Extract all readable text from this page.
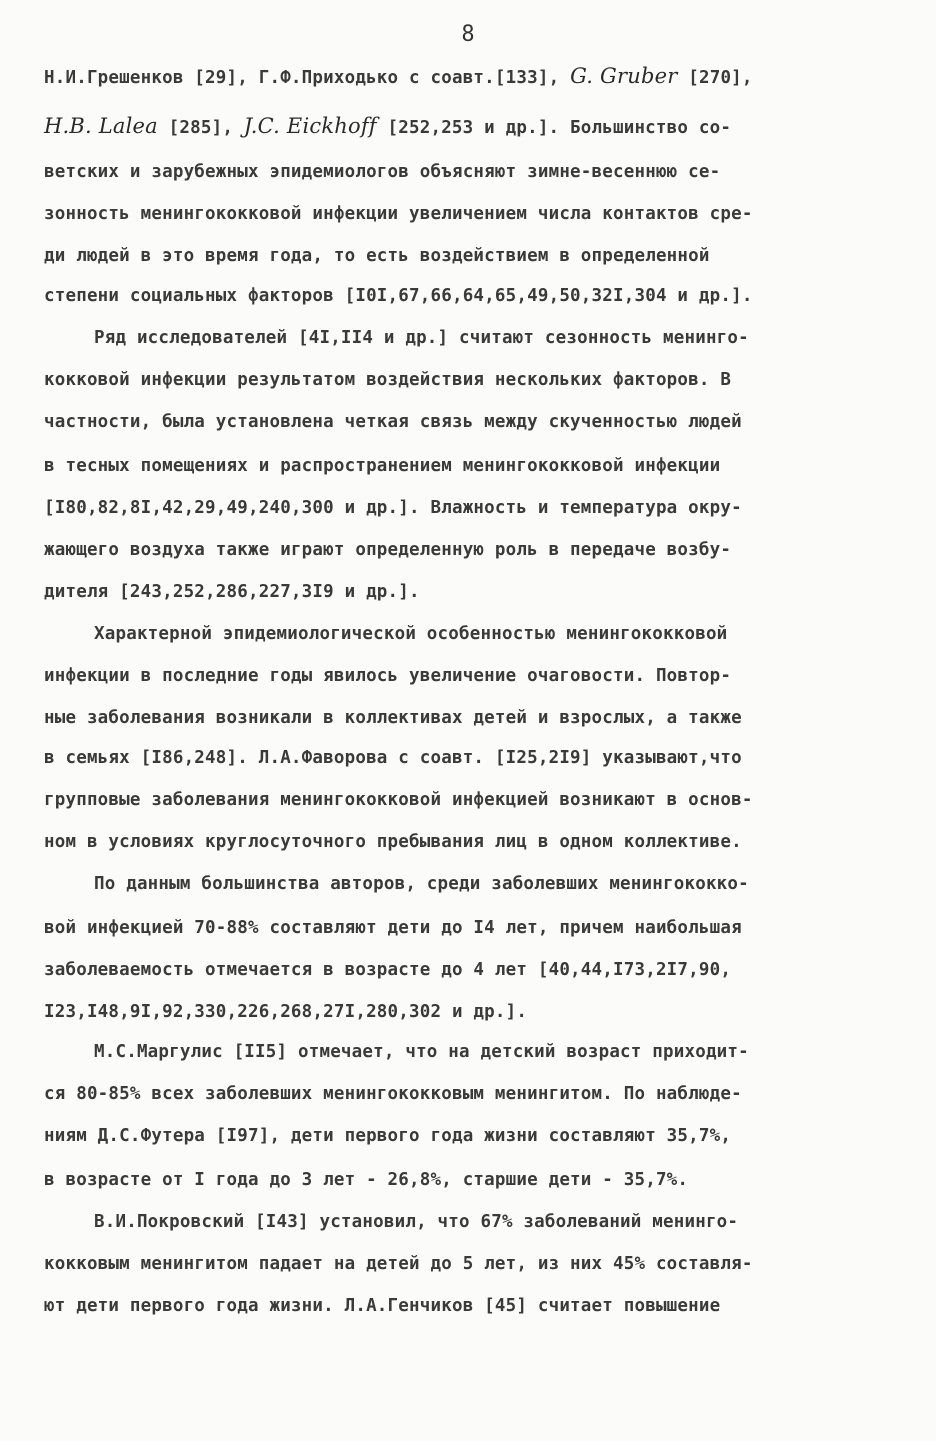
8
Н.И.Грешенков [29], Г.Ф.Приходько с соавт.[133], G. Gruber [270],
H.B. Lalea [285], J.C. Eickhoff [252,253 и др.]. Большинство со-
ветских и зарубежных эпидемиологов объясняют зимне-весеннюю се-
зонность менингококковой инфекции увеличением числа контактов сре-
ди людей в это время года, то есть воздействием в определенной
степени социальных факторов [I0I,67,66,64,65,49,50,32I,304 и др.].
Ряд исследователей [4I,II4 и др.] считают сезонность менинго-
кокковой инфекции результатом воздействия нескольких факторов. В
частности, была установлена четкая связь между скученностью людей
в тесных помещениях и распространением менингококковой инфекции
[I80,82,8I,42,29,49,240,300 и др.]. Влажность и температура окру-
жающего воздуха также играют определенную роль в передаче возбу-
дителя [243,252,286,227,3I9 и др.].
Характерной эпидемиологической особенностью менингококковой
инфекции в последние годы явилось увеличение очаговости. Повтор-
ные заболевания возникали в коллективах детей и взрослых, а также
в семьях [I86,248]. Л.А.Фаворова с соавт. [I25,2I9] указывают,что
групповые заболевания менингококковой инфекцией возникают в основ-
ном в условиях круглосуточного пребывания лиц в одном коллективе.
По данным большинства авторов, среди заболевших менингококко-
вой инфекцией 70-88% составляют дети до I4 лет, причем наибольшая
заболеваемость отмечается в возрасте до 4 лет [40,44,I73,2I7,90,
I23,I48,9I,92,330,226,268,27I,280,302 и др.].
М.С.Маргулис [II5] отмечает, что на детский возраст приходит-
ся 80-85% всех заболевших менингококковым менингитом. По наблюде-
ниям Д.С.Футера [I97], дети первого года жизни составляют 35,7%,
в возрасте от I года до 3 лет - 26,8%, старшие дети - 35,7%.
В.И.Покровский [I43] установил, что 67% заболеваний менинго-
кокковым менингитом падает на детей до 5 лет, из них 45% составля-
ют дети первого года жизни. Л.А.Генчиков [45] считает повышение
